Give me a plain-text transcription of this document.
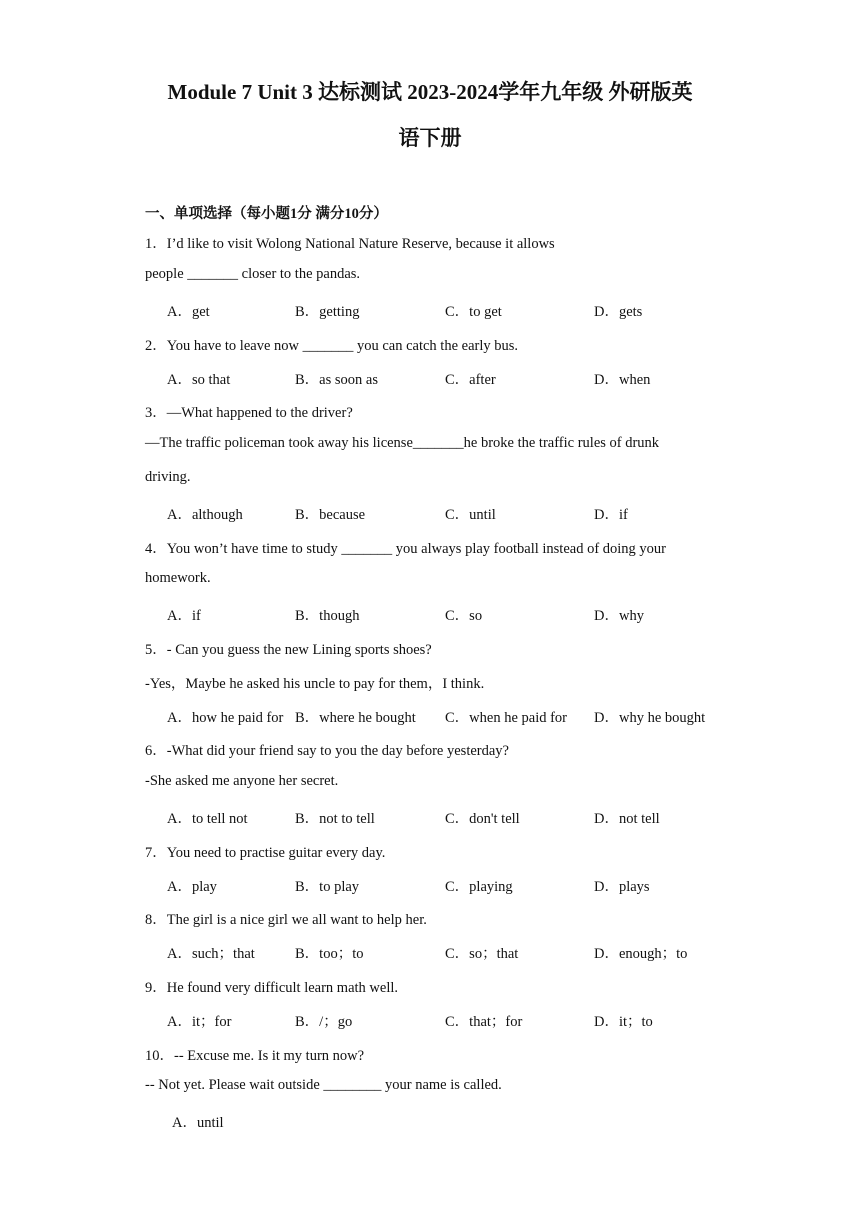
Module 7 Unit 3 达标测试 2023-2024学年九年级 外研版英
语下册
一、单项选择（每小题1分 满分10分）
1．I’d like to visit Wolong National Nature Reserve, because it allows
people _______ closer to the pandas.
A．get	B．getting	C．to get	D．gets
2．You have to leave now _______ you can catch the early bus.
A．so that	B．as soon as	C．after	D．when
3．—What happened to the driver?
—The traffic policeman took away his license_______he broke the traffic rules of drunk
driving.
A．although	B．because	C．until	D．if
4．You won’t have time to study _______ you always play football instead of doing your
homework.
A．if	B．though	C．so	D．why
5．- Can you guess the new Lining sports shoes?
-Yes，Maybe he asked his uncle to pay for them，I think.
A．how he paid for B．where he bought C．when he paid for D．why he bought
6．-What did your friend say to you the day before yesterday?
-She asked me anyone her secret.
A．to tell not	B．not to tell	C．don't tell	D．not tell
7．You need to practise guitar every day.
A．play	B．to play	C．playing	D．plays
8．The girl is a nice girl we all want to help her.
A．such；that	B．too；to	C．so；that	D．enough；to
9．He found very difficult learn math well.
A．it；for	B．/；go	C．that；for	D．it；to
10．-- Excuse me. Is it my turn now?
-- Not yet. Please wait outside ________ your name is called.
A．until
